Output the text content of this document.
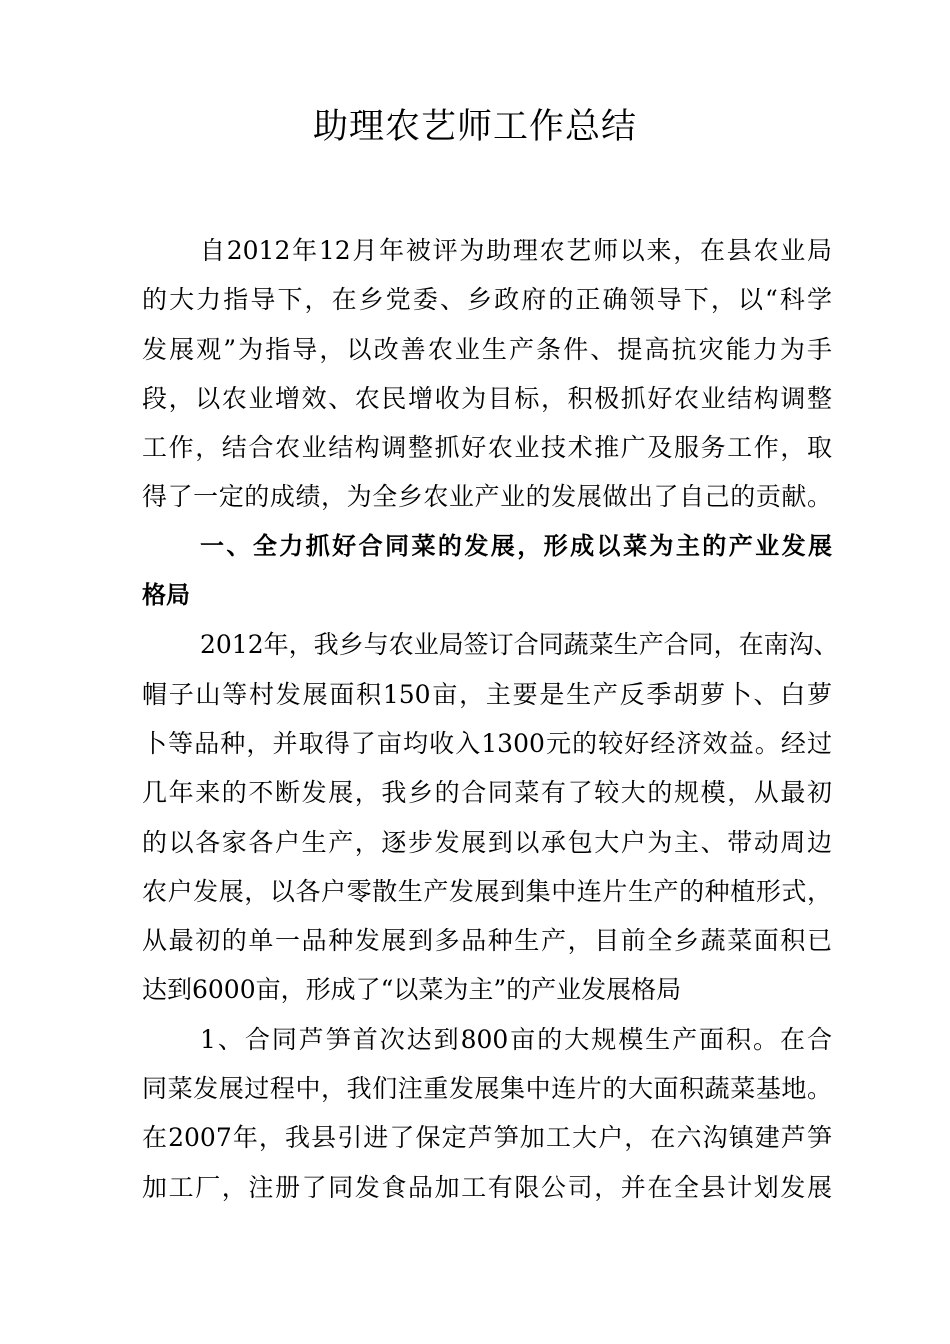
助理农艺师工作总结
自2012年12月年被评为助理农艺师以来，在县农业局
的大力指导下，在乡党委、乡政府的正确领导下，以“科学
发展观”为指导，以改善农业生产条件、提高抗灾能力为手
段，以农业增效、农民增收为目标，积极抓好农业结构调整
工作，结合农业结构调整抓好农业技术推广及服务工作，取
得了一定的成绩，为全乡农业产业的发展做出了自己的贡献。
一、全力抓好合同菜的发展，形成以菜为主的产业发展
格局
2012年，我乡与农业局签订合同蔬菜生产合同，在南沟、
帽子山等村发展面积150亩，主要是生产反季胡萝卜、白萝
卜等品种，并取得了亩均收入1300元的较好经济效益。经过
几年来的不断发展，我乡的合同菜有了较大的规模，从最初
的以各家各户生产，逐步发展到以承包大户为主、带动周边
农户发展，以各户零散生产发展到集中连片生产的种植形式，
从最初的单一品种发展到多品种生产，目前全乡蔬菜面积已
达到6000亩，形成了“以菜为主”的产业发展格局
1、合同芦笋首次达到800亩的大规模生产面积。在合
同菜发展过程中，我们注重发展集中连片的大面积蔬菜基地。
在2007年，我县引进了保定芦笋加工大户，在六沟镇建芦笋
加工厂，注册了同发食品加工有限公司，并在全县计划发展
